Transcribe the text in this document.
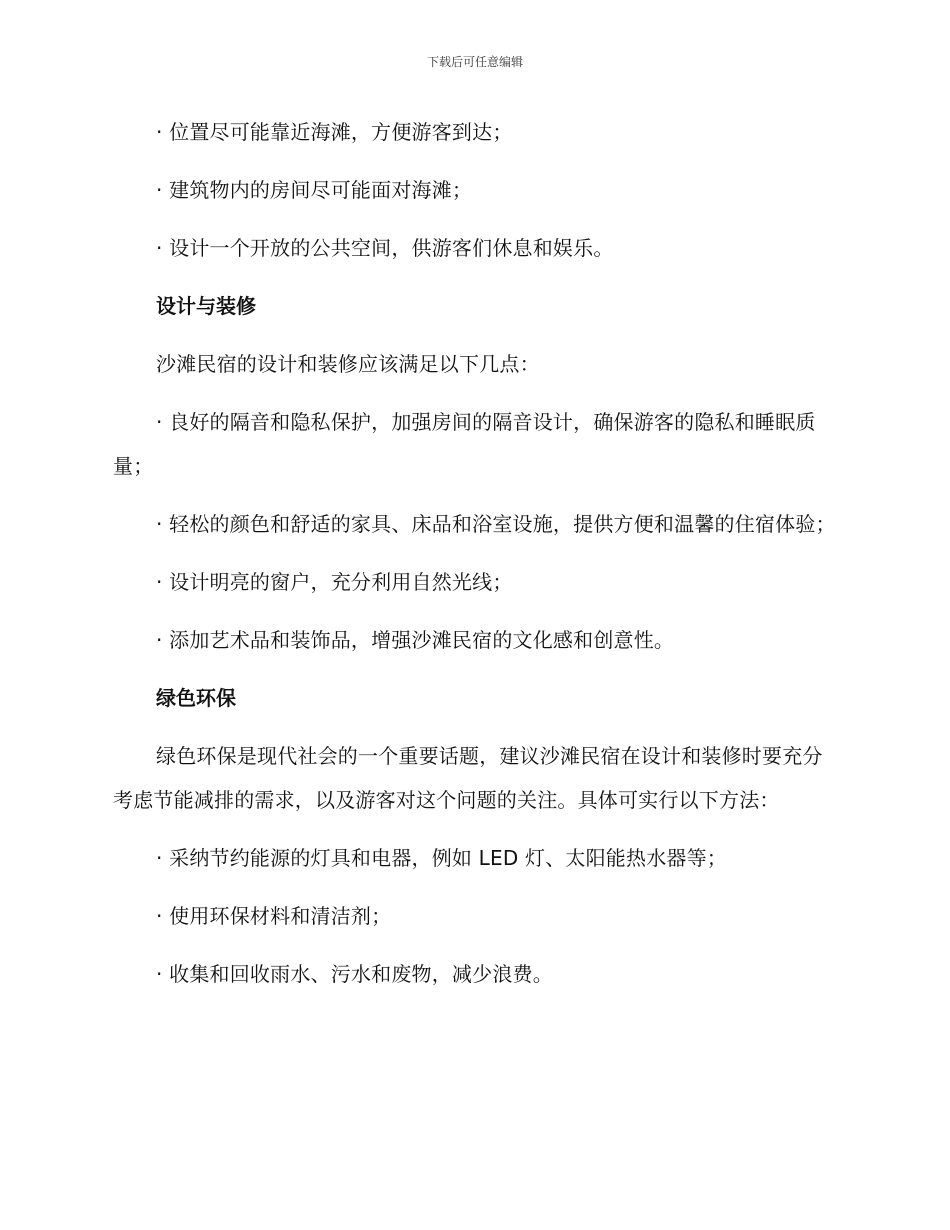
下载后可任意编辑

· 位置尽可能靠近海滩，方便游客到达；

· 建筑物内的房间尽可能面对海滩；

· 设计一个开放的公共空间，供游客们休息和娱乐。

设计与装修

沙滩民宿的设计和装修应该满足以下几点：

· 良好的隔音和隐私保护，加强房间的隔音设计，确保游客的隐私和睡眠质量；

· 轻松的颜色和舒适的家具、床品和浴室设施，提供方便和温馨的住宿体验；

· 设计明亮的窗户，充分利用自然光线；

· 添加艺术品和装饰品，增强沙滩民宿的文化感和创意性。

绿色环保

绿色环保是现代社会的一个重要话题，建议沙滩民宿在设计和装修时要充分考虑节能减排的需求，以及游客对这个问题的关注。具体可实行以下方法：

· 采纳节约能源的灯具和电器，例如 LED 灯、太阳能热水器等；

· 使用环保材料和清洁剂；

· 收集和回收雨水、污水和废物，减少浪费。
